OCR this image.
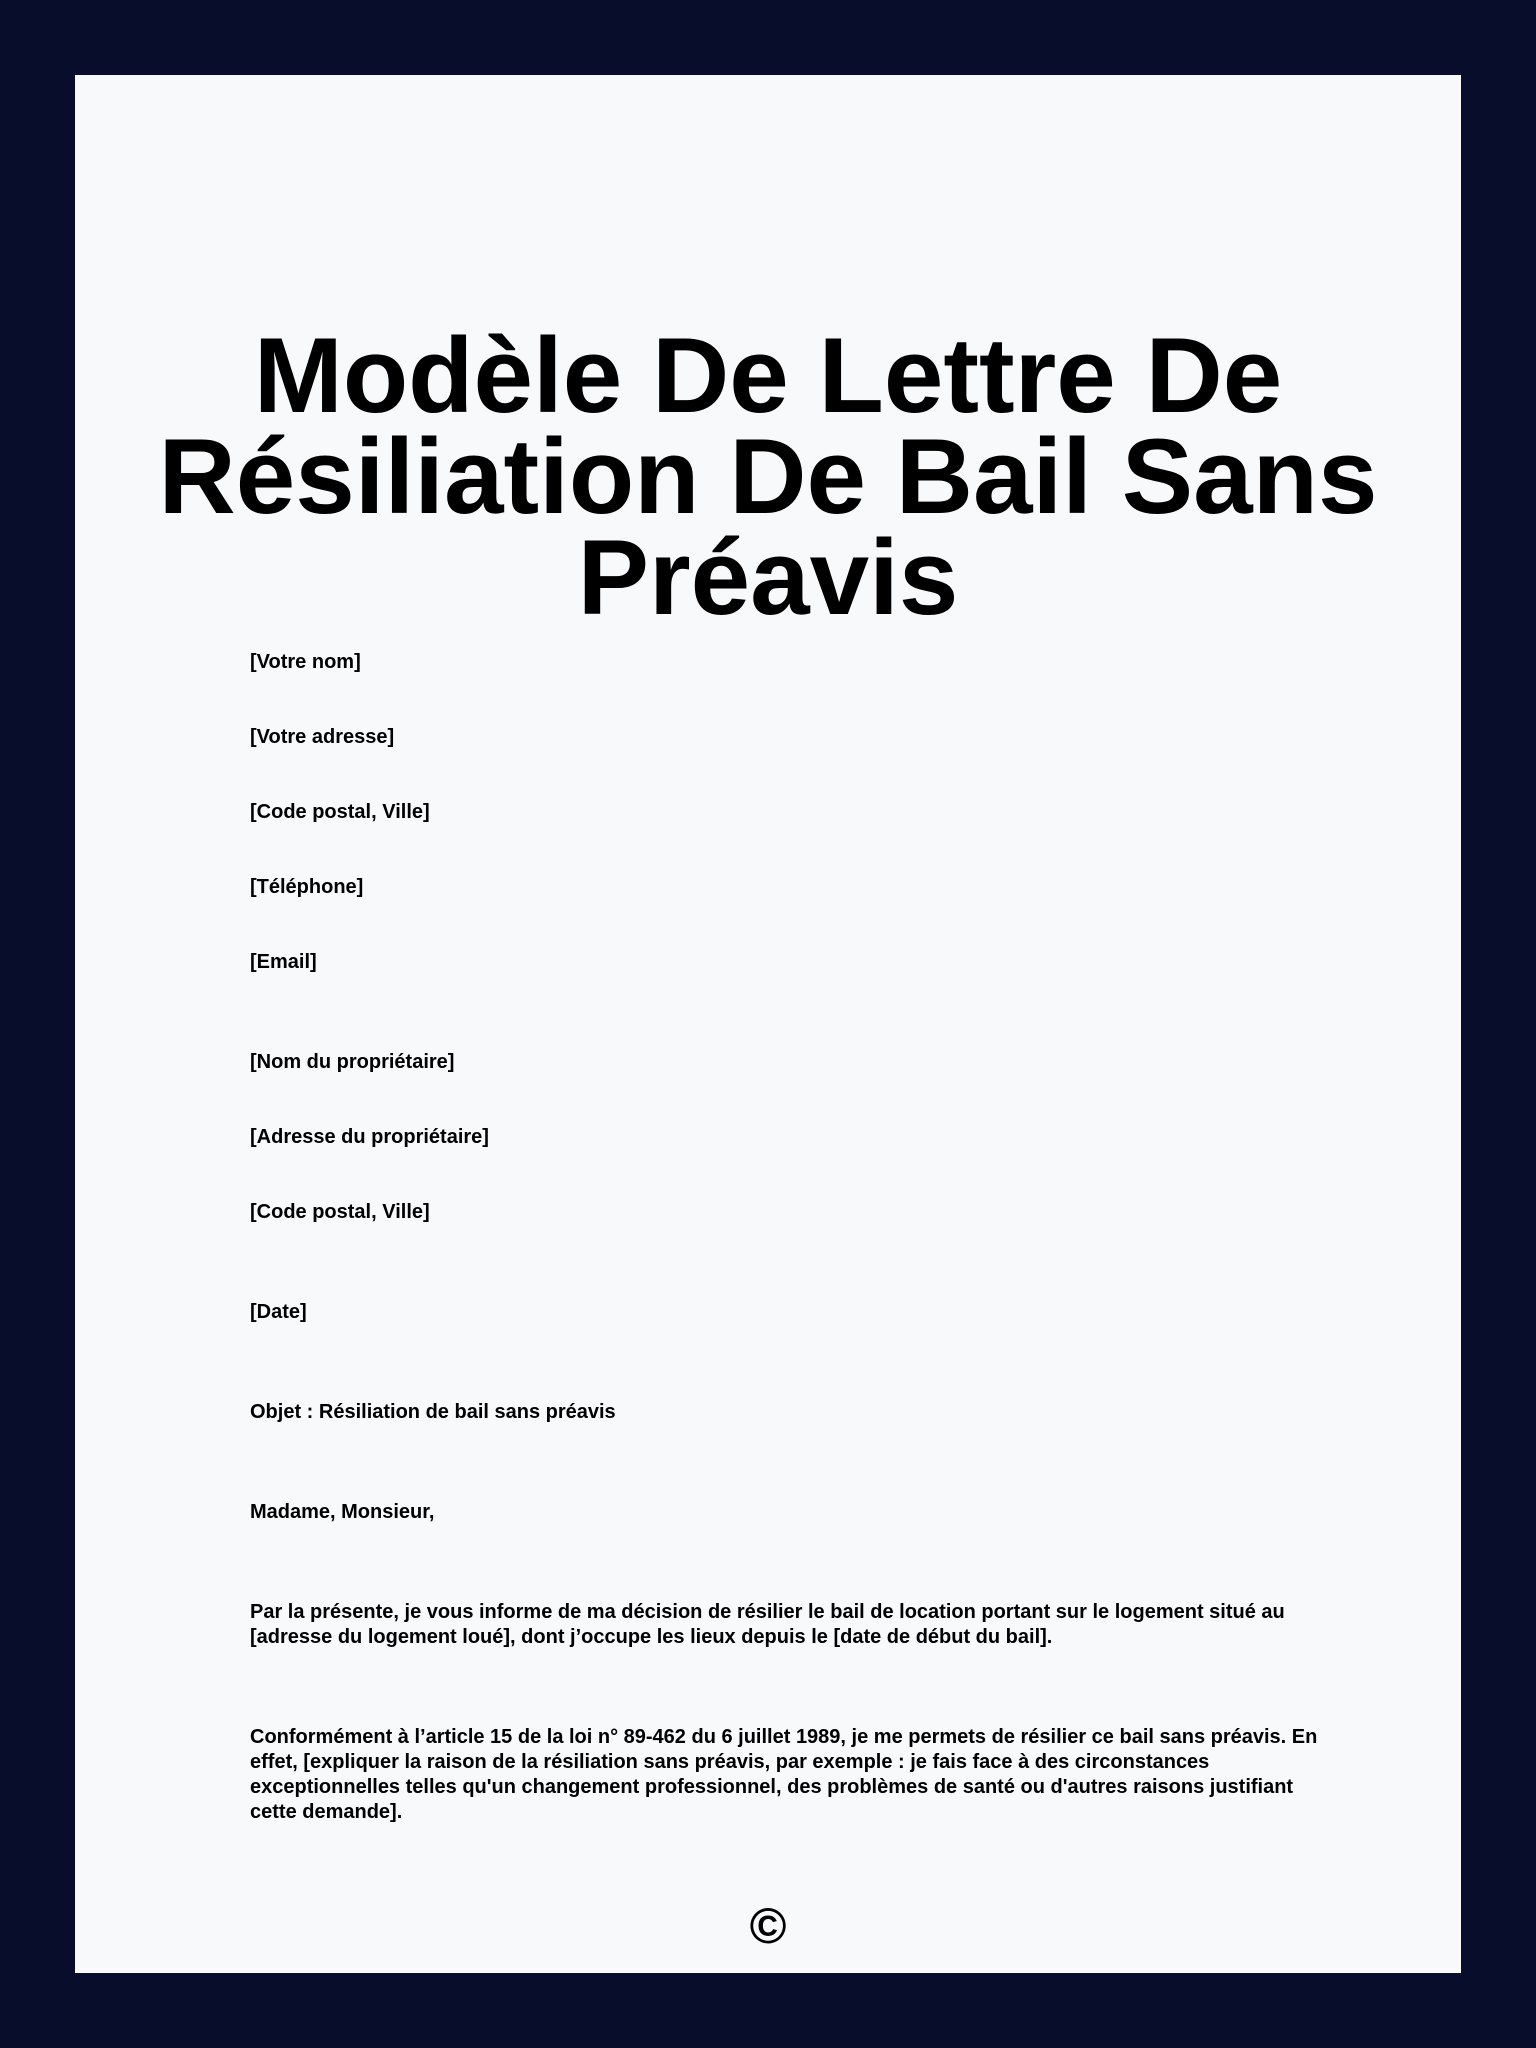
Modèle De Lettre De
Résiliation De Bail Sans
Préavis

[Votre nom]

[Votre adresse]

[Code postal, Ville]

[Téléphone]

[Email]

[Nom du propriétaire]

[Adresse du propriétaire]

[Code postal, Ville]

[Date]

Objet : Résiliation de bail sans préavis

Madame, Monsieur,

Par la présente, je vous informe de ma décision de résilier le bail de location portant sur le logement situé au [adresse du logement loué], dont j’occupe les lieux depuis le [date de début du bail].

Conformément à l’article 15 de la loi n° 89-462 du 6 juillet 1989, je me permets de résilier ce bail sans préavis. En effet, [expliquer la raison de la résiliation sans préavis, par exemple : je fais face à des circonstances exceptionnelles telles qu'un changement professionnel, des problèmes de santé ou d'autres raisons justifiant cette demande].

©
